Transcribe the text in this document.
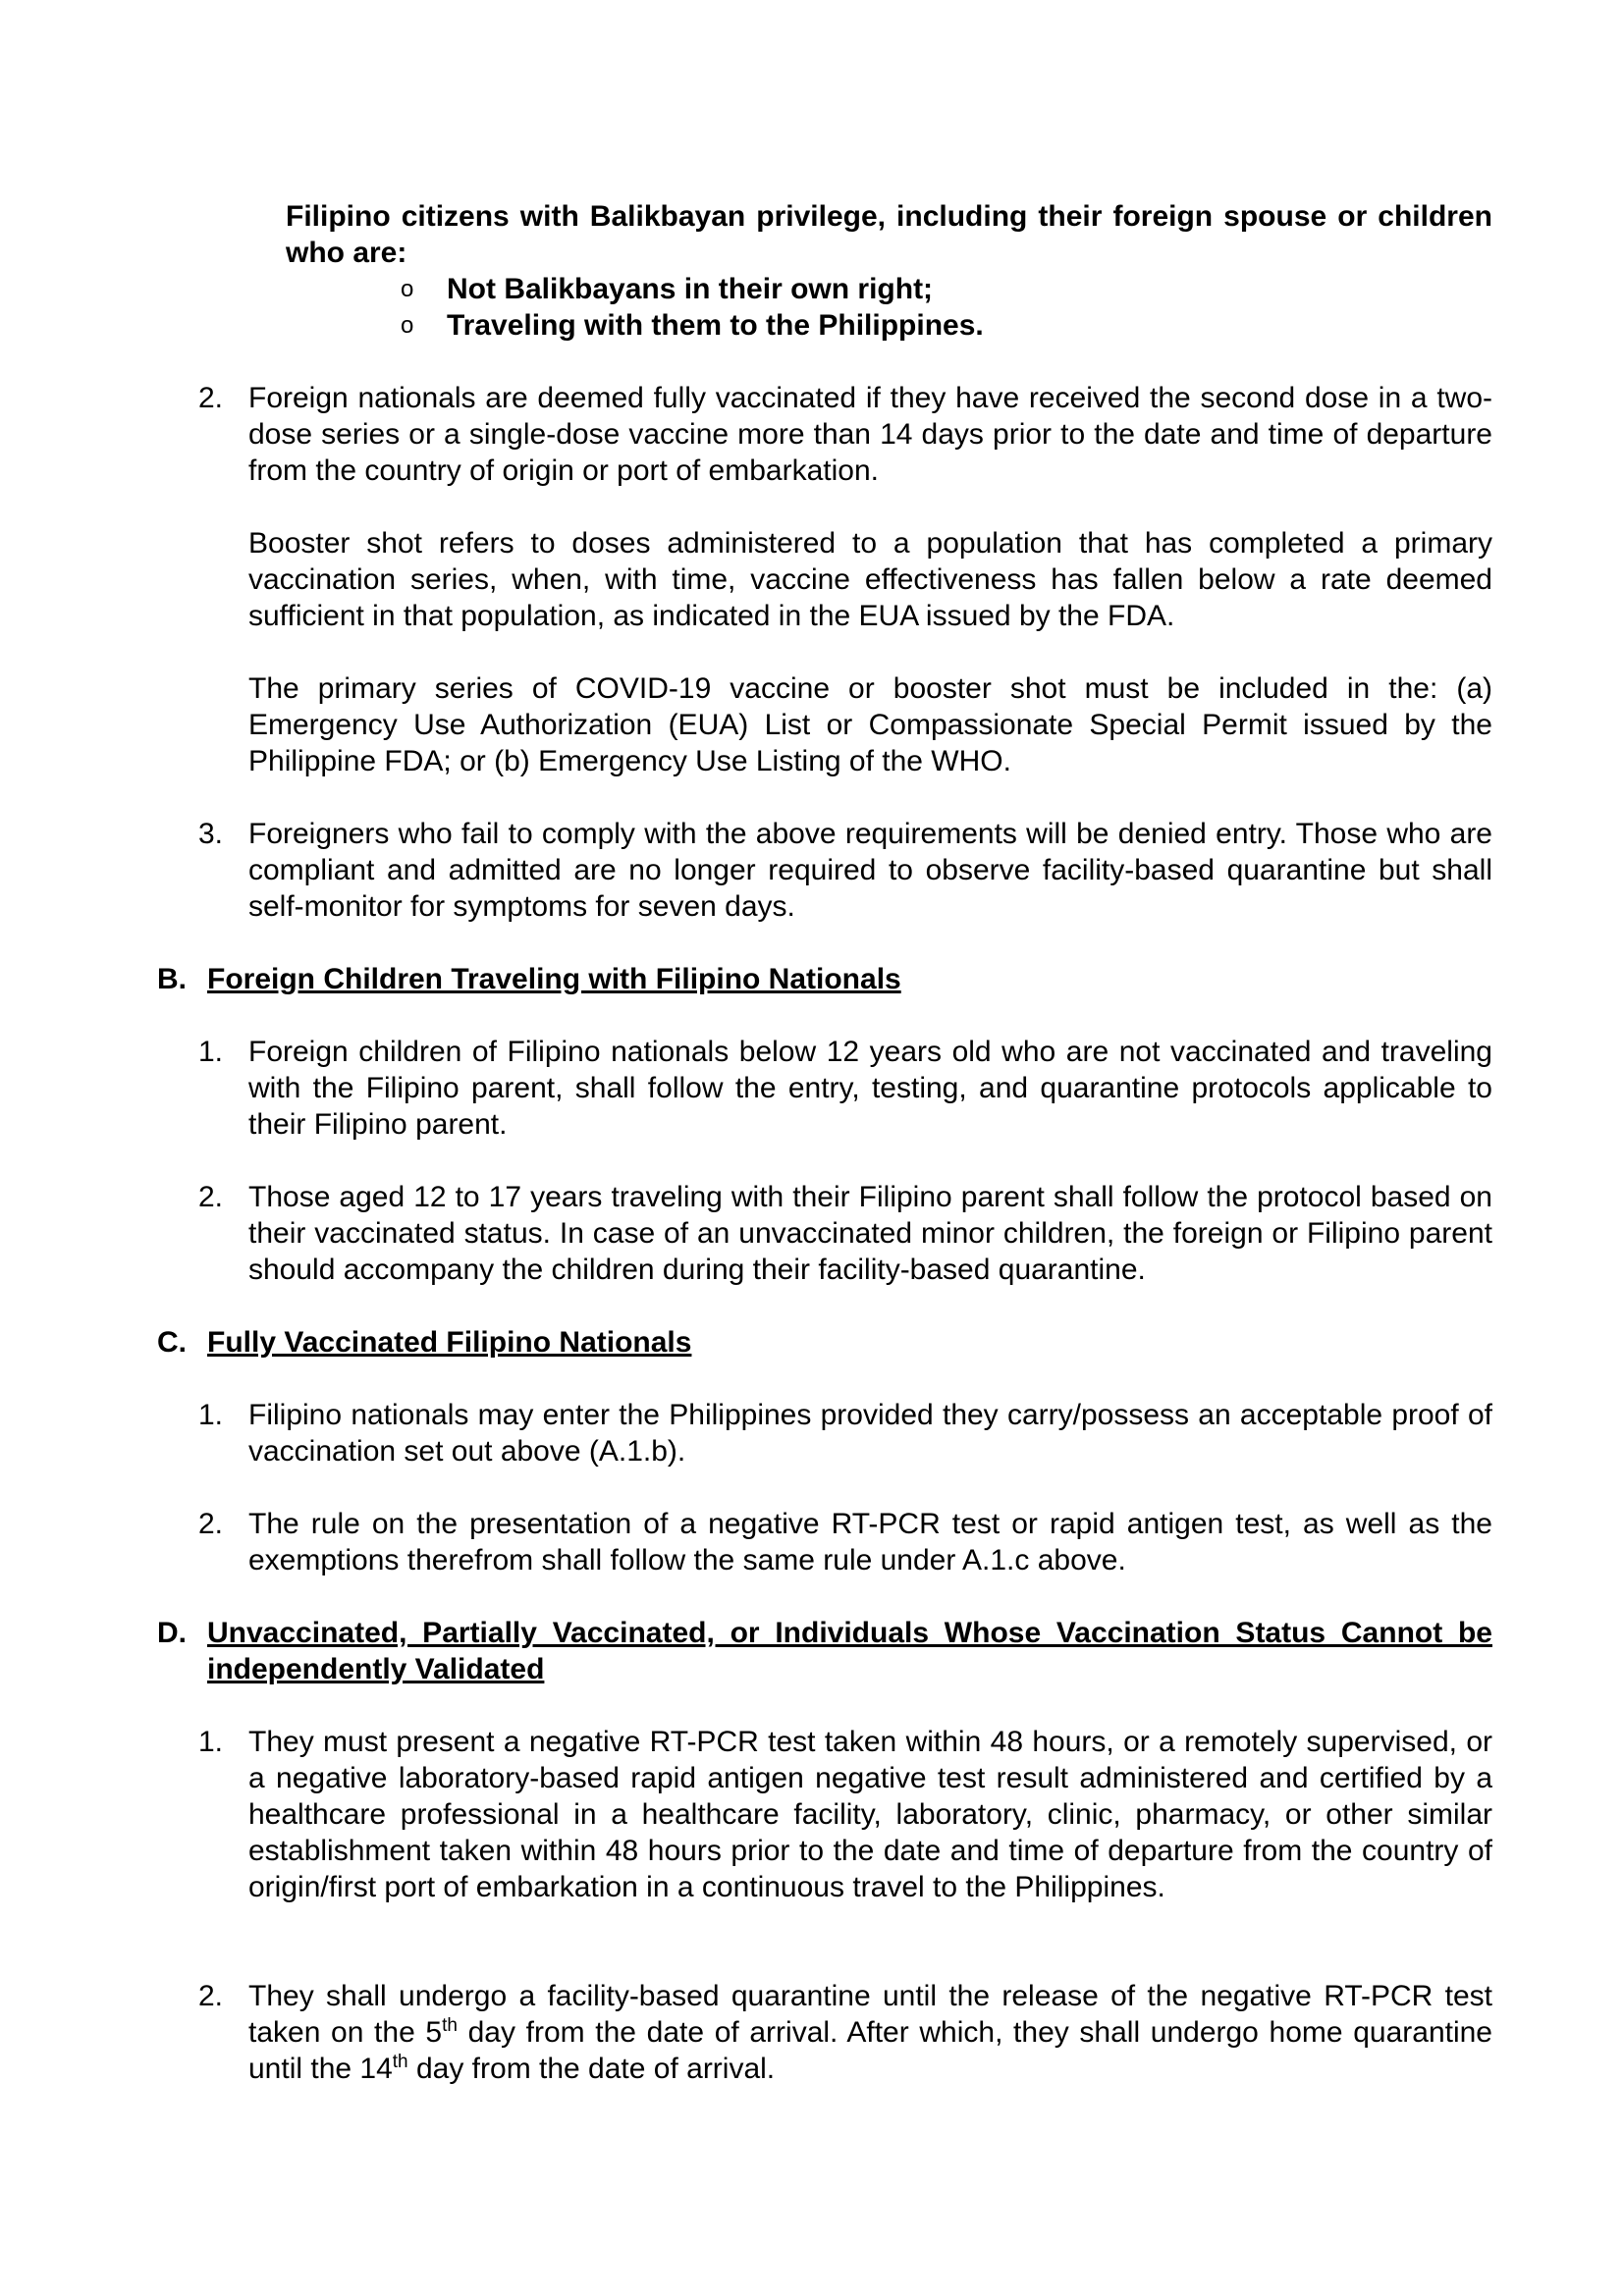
Filipino citizens with Balikbayan privilege, including their foreign spouse or children who are:

o Not Balikbayans in their own right;
o Traveling with them to the Philippines.
2. Foreign nationals are deemed fully vaccinated if they have received the second dose in a two-dose series or a single-dose vaccine more than 14 days prior to the date and time of departure from the country of origin or port of embarkation.

Booster shot refers to doses administered to a population that has completed a primary vaccination series, when, with time, vaccine effectiveness has fallen below a rate deemed sufficient in that population, as indicated in the EUA issued by the FDA.

The primary series of COVID-19 vaccine or booster shot must be included in the: (a) Emergency Use Authorization (EUA) List or Compassionate Special Permit issued by the Philippine FDA; or (b) Emergency Use Listing of the WHO.

3. Foreigners who fail to comply with the above requirements will be denied entry. Those who are compliant and admitted are no longer required to observe facility-based quarantine but shall self-monitor for symptoms for seven days.

B. Foreign Children Traveling with Filipino Nationals
1. Foreign children of Filipino nationals below 12 years old who are not vaccinated and traveling with the Filipino parent, shall follow the entry, testing, and quarantine protocols applicable to their Filipino parent.

2. Those aged 12 to 17 years traveling with their Filipino parent shall follow the protocol based on their vaccinated status. In case of an unvaccinated minor children, the foreign or Filipino parent should accompany the children during their facility-based quarantine.

C. Fully Vaccinated Filipino Nationals
1. Filipino nationals may enter the Philippines provided they carry/possess an acceptable proof of vaccination set out above (A.1.b).

2. The rule on the presentation of a negative RT-PCR test or rapid antigen test, as well as the exemptions therefrom shall follow the same rule under A.1.c above.

D. Unvaccinated, Partially Vaccinated, or Individuals Whose Vaccination Status Cannot be independently Validated
1. They must present a negative RT-PCR test taken within 48 hours, or a remotely supervised, or a negative laboratory-based rapid antigen negative test result administered and certified by a healthcare professional in a healthcare facility, laboratory, clinic, pharmacy, or other similar establishment taken within 48 hours prior to the date and time of departure from the country of origin/first port of embarkation in a continuous travel to the Philippines.

2. They shall undergo a facility-based quarantine until the release of the negative RT-PCR test taken on the 5th day from the date of arrival. After which, they shall undergo home quarantine until the 14th day from the date of arrival.
